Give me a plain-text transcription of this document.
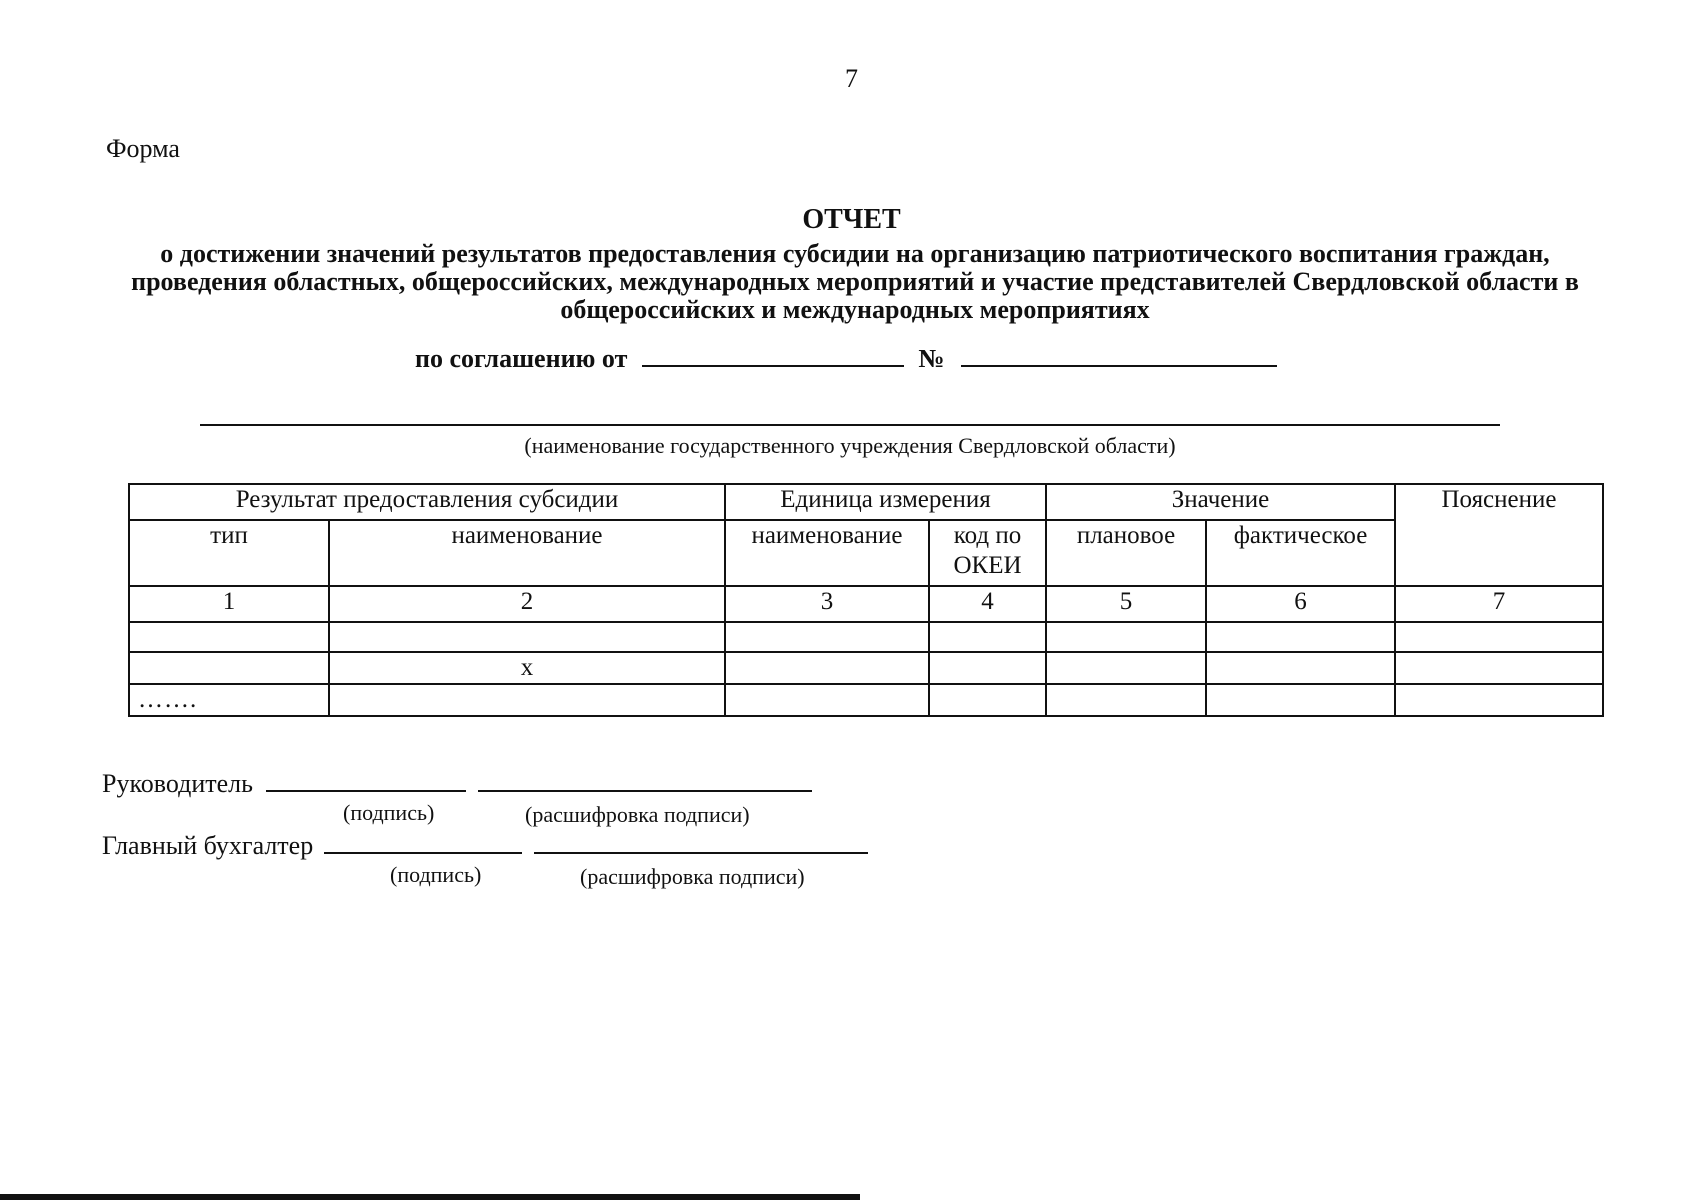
7
Форма
ОТЧЕТ
о достижении значений результатов предоставления субсидии на организацию патриотического воспитания граждан, проведения областных, общероссийских, международных мероприятий и участие представителей Свердловской области в общероссийских и международных мероприятиях
по соглашению от	№
(наименование государственного учреждения Свердловской области)
Результат предоставления субсидии		Единица измерения		Значение		Пояснение
тип	наименование	наименование	код по ОКЕИ	плановое	фактическое	
1	2	3	4	5	6	7

	х					
…….						
Руководитель
(подпись)	(расшифровка подписи)
Главный бухгалтер
(подпись)	(расшифровка подписи)
